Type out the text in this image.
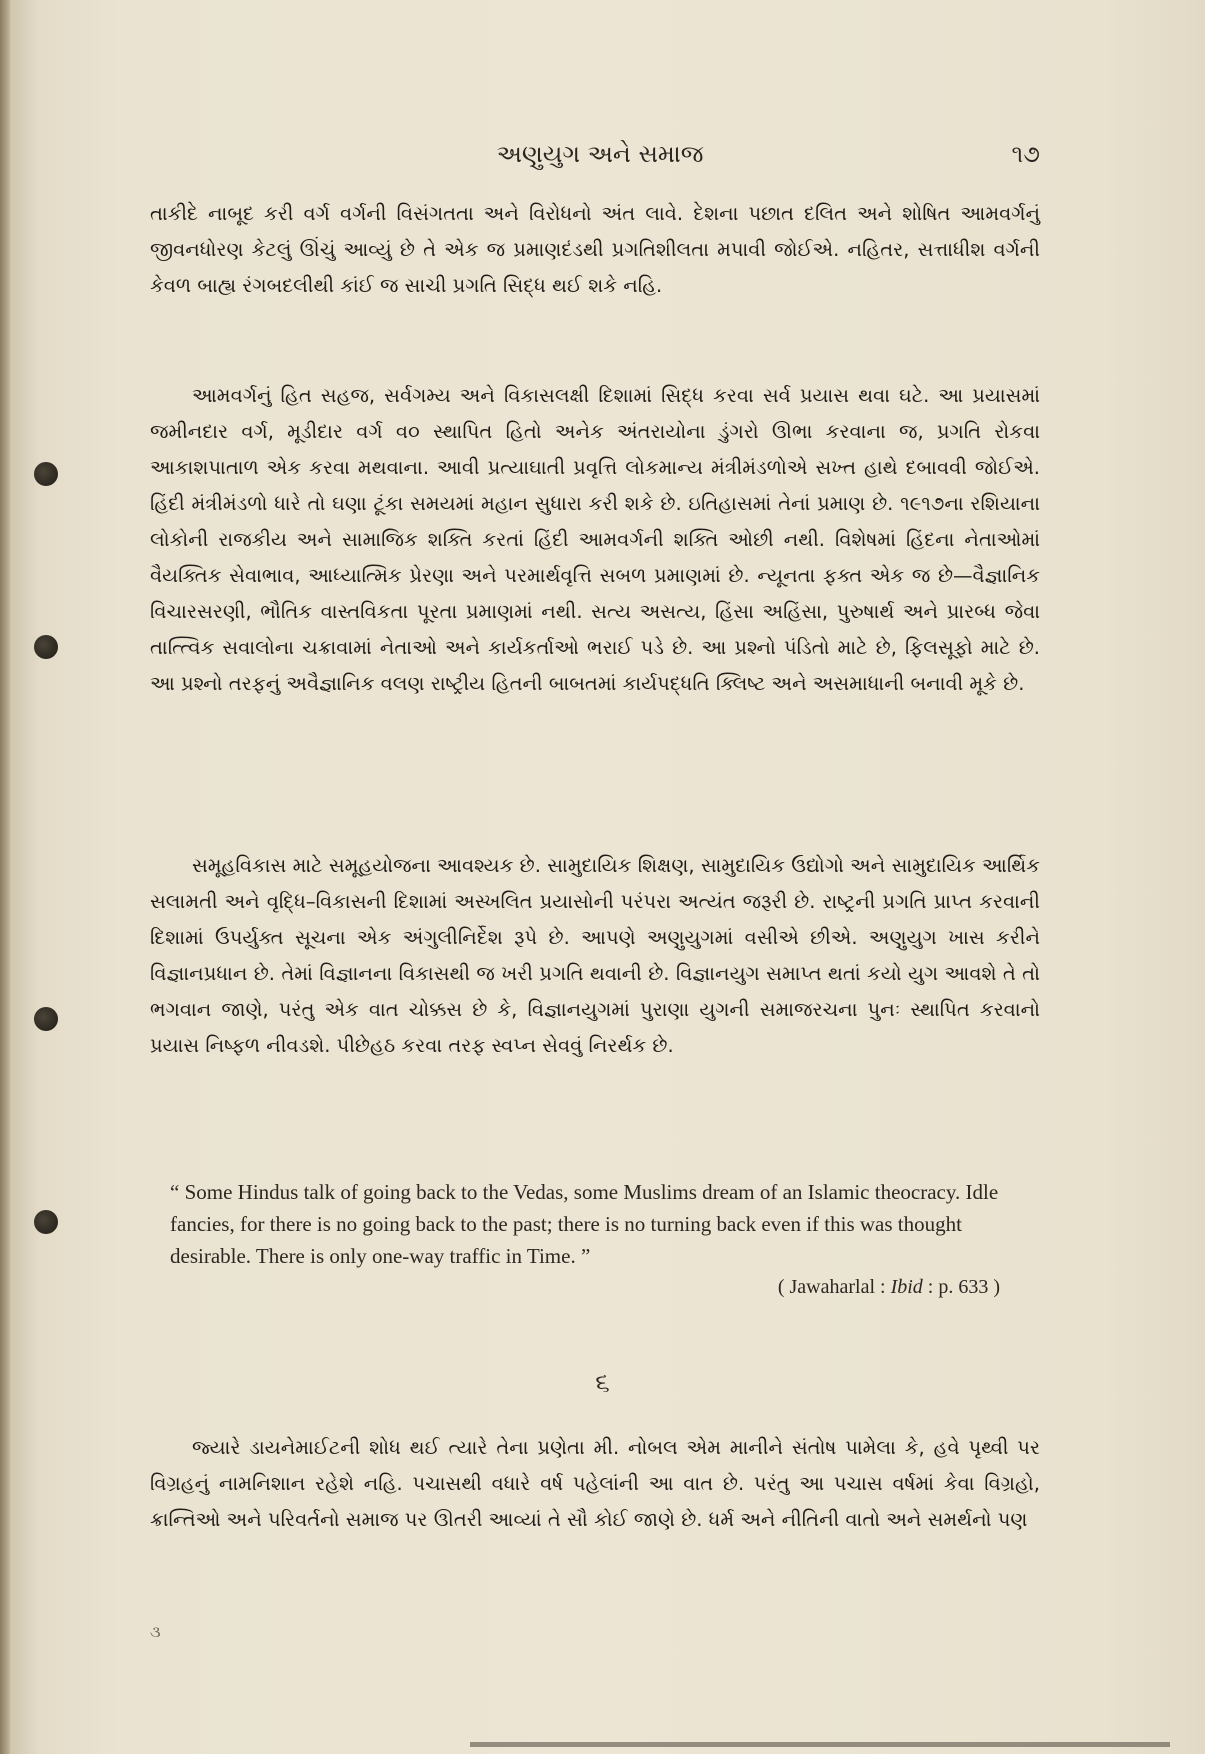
અણુયુગ અને સમાજ	૧૭

તાકીદે નાબૂદ કરી વર્ગ વર્ગની વિસંગતતા અને વિરોધનો અંત લાવે. દેશના પછાત દલિત અને શોષિત આમવર્ગનું જીવનધોરણ કેટલું ઊંચું આવ્યું છે તે એક જ પ્રમાણદંડથી પ્રગતિશીલતા મપાવી જોઈએ. નહિતર, સત્તાધીશ વર્ગની કેવળ બાહ્ય રંગબદલીથી કાંઈ જ સાચી પ્રગતિ સિદ્ધ થઈ શકે નહિ.

આમવર્ગનું હિત સહજ, સર્વગમ્ય અને વિકાસલક્ષી દિશામાં સિદ્ધ કરવા સર્વ પ્રયાસ થવા ઘટે. આ પ્રયાસમાં જમીનદાર વર્ગ, મૂડીદાર વર્ગ વ૦ સ્થાપિત હિતો અનેક અંતરાયોના ડુંગરો ઊભા કરવાના જ, પ્રગતિ રોકવા આકાશપાતાળ એક કરવા મથવાના. આવી પ્રત્યાઘાતી પ્રવૃત્તિ લોકમાન્ય મંત્રીમંડળોએ સખ્ત હાથે દબાવવી જોઈએ. હિંદી મંત્રીમંડળો ધારે તો ઘણા ટૂંકા સમયમાં મહાન સુધારા કરી શકે છે. ઇતિહાસમાં તેનાં પ્રમાણ છે. ૧૯૧૭ના રશિયાના લોકોની રાજકીય અને સામાજિક શક્તિ કરતાં હિંદી આમવર્ગની શક્તિ ઓછી નથી. વિશેષમાં હિંદના નેતાઓમાં વૈયક્તિક સેવાભાવ, આધ્યાત્મિક પ્રેરણા અને પરમાર્થવૃત્તિ સબળ પ્રમાણમાં છે. ન્યૂનતા ફક્ત એક જ છે—વૈજ્ઞાનિક વિચારસરણી, ભૌતિક વાસ્તવિકતા પૂરતા પ્રમાણમાં નથી. સત્ય અસત્ય, હિંસા અહિંસા, પુરુષાર્થ અને પ્રારબ્ધ જેવા તાત્ત્વિક સવાલોના ચક્રાવામાં નેતાઓ અને કાર્યકર્તાઓ ભરાઈ પડે છે. આ પ્રશ્નો પંડિતો માટે છે, ફિલસૂફો માટે છે. આ પ્રશ્નો તરફનું અવૈજ્ઞાનિક વલણ રાષ્ટ્રીય હિતની બાબતમાં કાર્યપદ્ધતિ ક્લિષ્ટ અને અસમાધાની બનાવી મૂકે છે.

સમૂહવિકાસ માટે સમૂહયોજના આવશ્યક છે. સામુદાયિક શિક્ષણ, સામુદાયિક ઉદ્યોગો અને સામુદાયિક આર્થિક સલામતી અને વૃદ્ધિ–વિકાસની દિશામાં અસ્ખલિત પ્રયાસોની પરંપરા અત્યંત જરૂરી છે. રાષ્ટ્રની પ્રગતિ પ્રાપ્ત કરવાની દિશામાં ઉપર્યુક્ત સૂચના એક અંગુલીનિર્દેશ રૂપે છે. આપણે અણુયુગમાં વસીએ છીએ. અણુયુગ ખાસ કરીને વિજ્ઞાનપ્રધાન છે. તેમાં વિજ્ઞાનના વિકાસથી જ ખરી પ્રગતિ થવાની છે. વિજ્ઞાનયુગ સમાપ્ત થતાં કયો યુગ આવશે તે તો ભગવાન જાણે, પરંતુ એક વાત ચોક્કસ છે કે, વિજ્ઞાનયુગમાં પુરાણા યુગની સમાજરચના પુનઃ સ્થાપિત કરવાનો પ્રયાસ નિષ્ફળ નીવડશે. પીછેહઠ કરવા તરફ સ્વપ્ન સેવવું નિરર્થક છે.

“ Some Hindus talk of going back to the Vedas, some Muslims dream of an Islamic theocracy. Idle fancies, for there is no going back to the past; there is no turning back even if this was thought desirable. There is only one-way traffic in Time. ”

( Jawaharlal : Ibid : p. 633 )
૬

જ્યારે ડાયનેમાઈટની શોધ થઈ ત્યારે તેના પ્રણેતા મી. નોબલ એમ માનીને સંતોષ પામેલા કે, હવે પૃથ્વી પર વિગ્રહનું નામનિશાન રહેશે નહિ. પચાસથી વધારે વર્ષ પહેલાંની આ વાત છે. પરંતુ આ પચાસ વર્ષમાં કેવા વિગ્રહો, ક્રાન્તિઓ અને પરિવર્તનો સમાજ પર ઊતરી આવ્યાં તે સૌ કોઈ જાણે છે. ધર્મ અને નીતિની વાતો અને સમર્થનો પણ

૩
